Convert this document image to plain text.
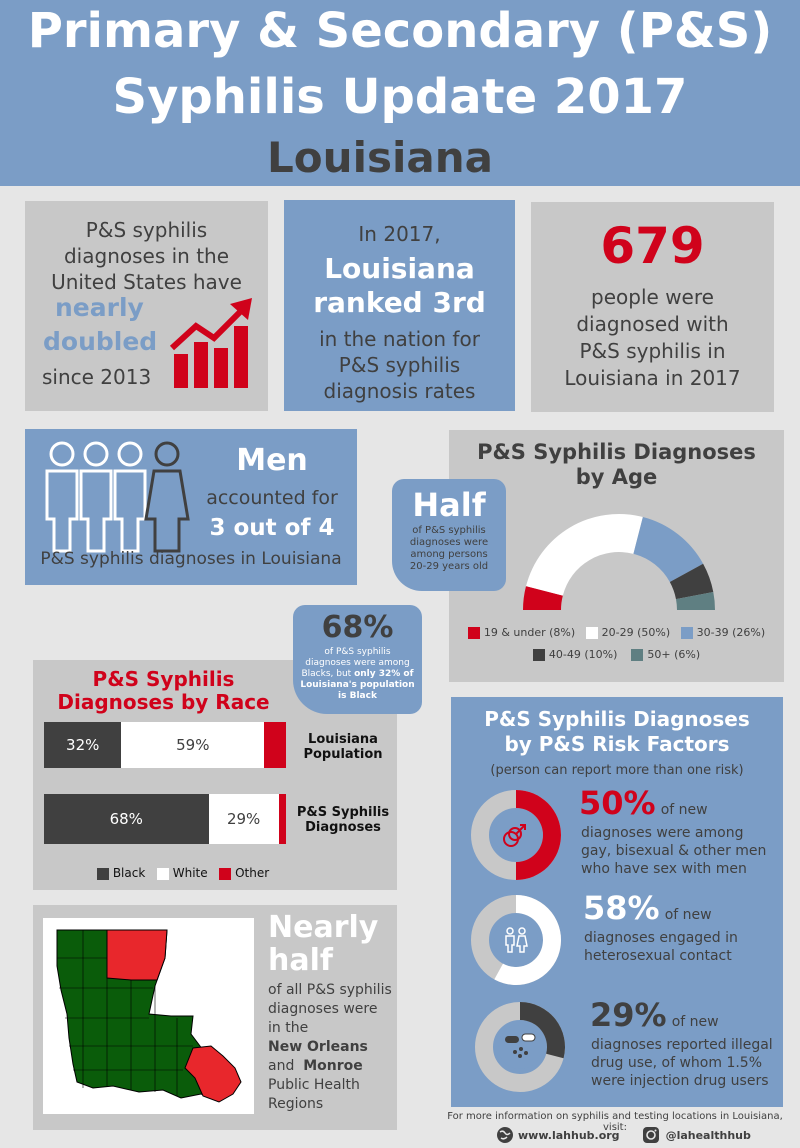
Primary & Secondary (P&S)
Syphilis Update 2017
Louisiana
P&S syphilis
diagnoses in the
United States have
nearly
doubled
since 2013
In 2017,
Louisiana
ranked 3rd
in the nation for
P&S syphilis
diagnosis rates
679
people were
diagnosed with
P&S syphilis in
Louisiana in 2017
Men
accounted for
3 out of 4
P&S syphilis diagnoses in Louisiana
P&S Syphilis Diagnoses
by Age
19 & under (8%) 20-29 (50%) 30-39 (26%)
40-49 (10%)	50+ (6%)
Half
of P&S syphilis
diagnoses were
among persons
20-29 years old
P&S Syphilis
Diagnoses by Race
32%	59%	Louisiana
Population
68%	29%	P&S Syphilis
Diagnoses
Black White Other
68%
of P&S syphilis
diagnoses were among
Blacks, but only 32% of
Louisiana's population
is Black
Nearly
half
of all P&S syphilis
diagnoses were
in the
New Orleans
and Monroe
Public Health
Regions
P&S Syphilis Diagnoses
by P&S Risk Factors
(person can report more than one risk)
50% of new
diagnoses were among
gay, bisexual & other men
who have sex with men
58% of new
diagnoses engaged in
heterosexual contact
29% of new
diagnoses reported illegal
drug use, of whom 1.5%
were injection drug users
For more information on syphilis and testing locations in Louisiana, visit:
www.lahhub.org	@lahealthhub
